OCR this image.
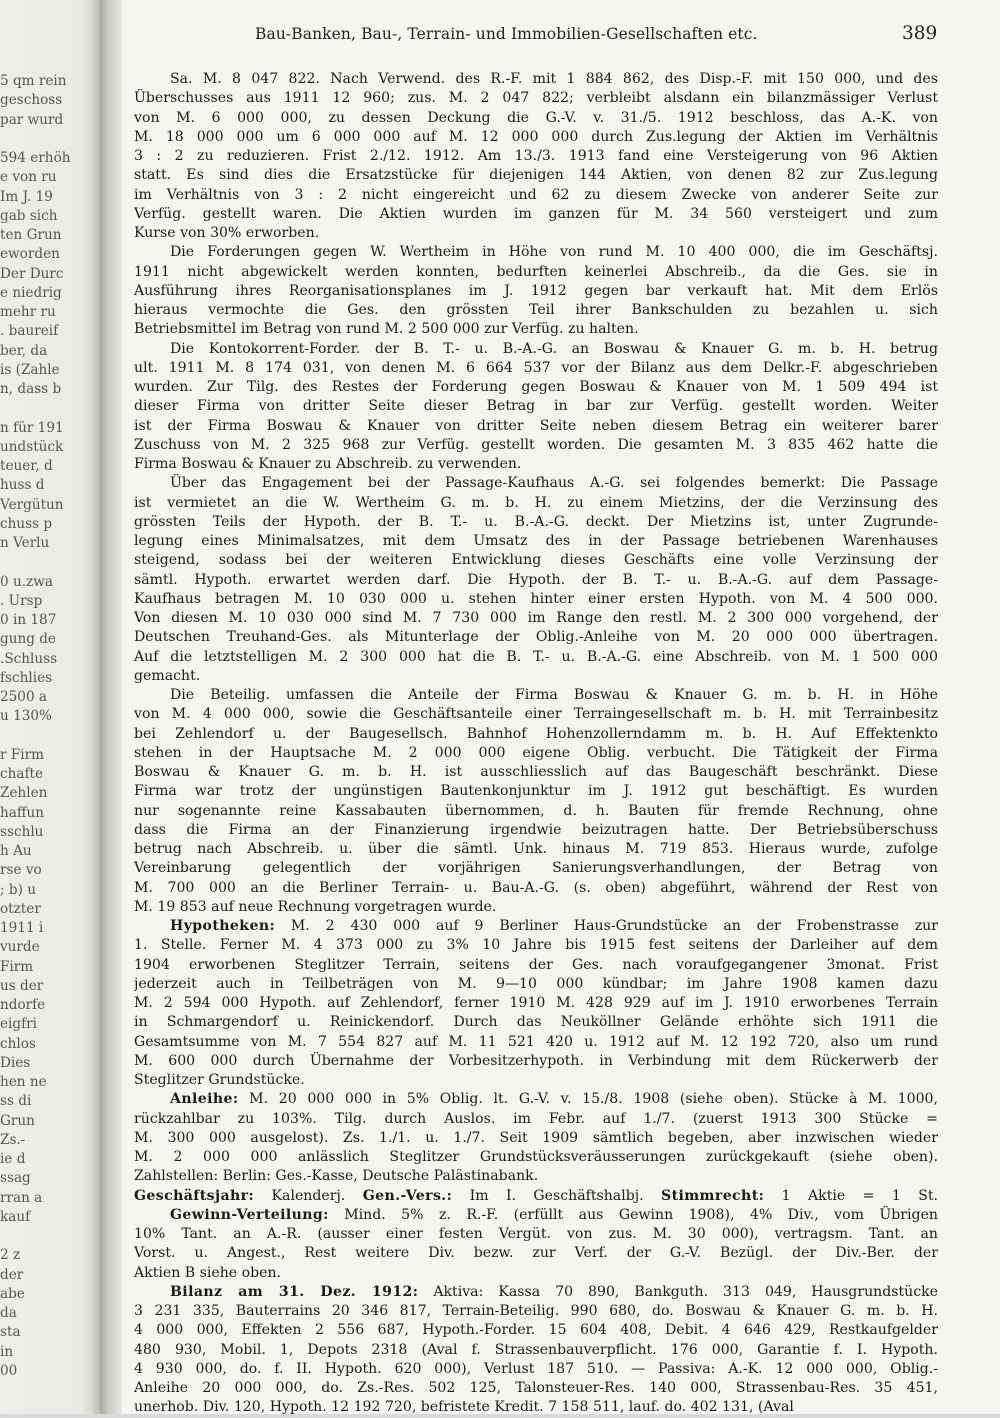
5 qm rein
geschoss
par wurd
594 erhöh
e von ru
Im J. 19
gab sich
ten Grun
eworden
Der Durc
e niedrig
mehr ru
. baureif
ber, da
is (Zahle
n, dass b
n für 191
undstück
teuer, d
huss d
Vergütun
chuss p
n Verlu
0 u.zwa
. Ursp
0 in 187
gung de
.Schluss
fschlies
2500 a
u 130%
r Firm
chafte
Zehlen
haffun
sschlu
h Au
rse vo
; b) u
otzter
1911 i
vurde
Firm
us der
ndorfe
eigfri
chlos
Dies
hen ne
ss di
Grun
Zs.-
ie d
ssag
rran a
kauf
2 z
der
abe
da
sta
in
00
Bau-Banken, Bau-, Terrain- und Immobilien-Gesellschaften etc.	389
Sa. M. 8 047 822. Nach Verwend. des R.-F. mit 1 884 862, des Disp.-F. mit 150 000, und des
Überschusses aus 1911 12 960; zus. M. 2 047 822; verbleibt alsdann ein bilanzmässiger Verlust
von M. 6 000 000, zu dessen Deckung die G.-V. v. 31./5. 1912 beschloss, das A.-K. von
M. 18 000 000 um 6 000 000 auf M. 12 000 000 durch Zus.legung der Aktien im Verhältnis
3 : 2 zu reduzieren. Frist 2./12. 1912. Am 13./3. 1913 fand eine Versteigerung von 96 Aktien
statt. Es sind dies die Ersatzstücke für diejenigen 144 Aktien, von denen 82 zur Zus.legung
im Verhältnis von 3 : 2 nicht eingereicht und 62 zu diesem Zwecke von anderer Seite zur
Verfüg. gestellt waren. Die Aktien wurden im ganzen für M. 34 560 versteigert und zum
Kurse von 30% erworben.
Die Forderungen gegen W. Wertheim in Höhe von rund M. 10 400 000, die im Geschäftsj.
1911 nicht abgewickelt werden konnten, bedurften keinerlei Abschreib., da die Ges. sie in
Ausführung ihres Reorganisationsplanes im J. 1912 gegen bar verkauft hat. Mit dem Erlös
hieraus vermochte die Ges. den grössten Teil ihrer Bankschulden zu bezahlen u. sich
Betriebsmittel im Betrag von rund M. 2 500 000 zur Verfüg. zu halten.
Die Kontokorrent-Forder. der B. T.- u. B.-A.-G. an Boswau & Knauer G. m. b. H. betrug
ult. 1911 M. 8 174 031, von denen M. 6 664 537 vor der Bilanz aus dem Delkr.-F. abgeschrieben
wurden. Zur Tilg. des Restes der Forderung gegen Boswau & Knauer von M. 1 509 494 ist
dieser Firma von dritter Seite dieser Betrag in bar zur Verfüg. gestellt worden. Weiter
ist der Firma Boswau & Knauer von dritter Seite neben diesem Betrag ein weiterer barer
Zuschuss von M. 2 325 968 zur Verfüg. gestellt worden. Die gesamten M. 3 835 462 hatte die
Firma Boswau & Knauer zu Abschreib. zu verwenden.
Über das Engagement bei der Passage-Kaufhaus A.-G. sei folgendes bemerkt: Die Passage
ist vermietet an die W. Wertheim G. m. b. H. zu einem Mietzins, der die Verzinsung des
grössten Teils der Hypoth. der B. T.- u. B.-A.-G. deckt. Der Mietzins ist, unter Zugrunde-
legung eines Minimalsatzes, mit dem Umsatz des in der Passage betriebenen Warenhauses
steigend, sodass bei der weiteren Entwicklung dieses Geschäfts eine volle Verzinsung der
sämtl. Hypoth. erwartet werden darf. Die Hypoth. der B. T.- u. B.-A.-G. auf dem Passage-
Kaufhaus betragen M. 10 030 000 u. stehen hinter einer ersten Hypoth. von M. 4 500 000.
Von diesen M. 10 030 000 sind M. 7 730 000 im Range den restl. M. 2 300 000 vorgehend, der
Deutschen Treuhand-Ges. als Mitunterlage der Oblig.-Anleihe von M. 20 000 000 übertragen.
Auf die letztstelligen M. 2 300 000 hat die B. T.- u. B.-A.-G. eine Abschreib. von M. 1 500 000
gemacht.
Die Beteilig. umfassen die Anteile der Firma Boswau & Knauer G. m. b. H. in Höhe
von M. 4 000 000, sowie die Geschäftsanteile einer Terraingesellschaft m. b. H. mit Terrainbesitz
bei Zehlendorf u. der Baugesellsch. Bahnhof Hohenzollerndamm m. b. H. Auf Effektenkto
stehen in der Hauptsache M. 2 000 000 eigene Oblig. verbucht. Die Tätigkeit der Firma
Boswau & Knauer G. m. b. H. ist ausschliesslich auf das Baugeschäft beschränkt. Diese
Firma war trotz der ungünstigen Bautenkonjunktur im J. 1912 gut beschäftigt. Es wurden
nur sogenannte reine Kassabauten übernommen, d. h. Bauten für fremde Rechnung, ohne
dass die Firma an der Finanzierung irgendwie beizutragen hatte. Der Betriebsüberschuss
betrug nach Abschreib. u. über die sämtl. Unk. hinaus M. 719 853. Hieraus wurde, zufolge
Vereinbarung gelegentlich der vorjährigen Sanierungsverhandlungen, der Betrag von
M. 700 000 an die Berliner Terrain- u. Bau-A.-G. (s. oben) abgeführt, während der Rest von
M. 19 853 auf neue Rechnung vorgetragen wurde.
Hypotheken: M. 2 430 000 auf 9 Berliner Haus-Grundstücke an der Frobenstrasse zur
1. Stelle. Ferner M. 4 373 000 zu 3% 10 Jahre bis 1915 fest seitens der Darleiher auf dem
1904 erworbenen Steglitzer Terrain, seitens der Ges. nach voraufgegangener 3monat. Frist
jederzeit auch in Teilbeträgen von M. 9—10 000 kündbar; im Jahre 1908 kamen dazu
M. 2 594 000 Hypoth. auf Zehlendorf, ferner 1910 M. 428 929 auf im J. 1910 erworbenes Terrain
in Schmargendorf u. Reinickendorf. Durch das Neuköllner Gelände erhöhte sich 1911 die
Gesamtsumme von M. 7 554 827 auf M. 11 521 420 u. 1912 auf M. 12 192 720, also um rund
M. 600 000 durch Übernahme der Vorbesitzerhypoth. in Verbindung mit dem Rückerwerb der
Steglitzer Grundstücke.
Anleihe: M. 20 000 000 in 5% Oblig. lt. G.-V. v. 15./8. 1908 (siehe oben). Stücke à M. 1000,
rückzahlbar zu 103%. Tilg. durch Auslos. im Febr. auf 1./7. (zuerst 1913 300 Stücke =
M. 300 000 ausgelost). Zs. 1./1. u. 1./7. Seit 1909 sämtlich begeben, aber inzwischen wieder
M. 2 000 000 anlässlich Steglitzer Grundstücksveräusserungen zurückgekauft (siehe oben).
Zahlstellen: Berlin: Ges.-Kasse, Deutsche Palästinabank.
Geschäftsjahr: Kalenderj. Gen.-Vers.: Im I. Geschäftshalbj. Stimmrecht: 1 Aktie = 1 St.
Gewinn-Verteilung: Mind. 5% z. R.-F. (erfüllt aus Gewinn 1908), 4% Div., vom Übrigen
10% Tant. an A.-R. (ausser einer festen Vergüt. von zus. M. 30 000), vertragsm. Tant. an
Vorst. u. Angest., Rest weitere Div. bezw. zur Verf. der G.-V. Bezügl. der Div.-Ber. der
Aktien B siehe oben.
Bilanz am 31. Dez. 1912: Aktiva: Kassa 70 890, Bankguth. 313 049, Hausgrundstücke
3 231 335, Bauterrains 20 346 817, Terrain-Beteilig. 990 680, do. Boswau & Knauer G. m. b. H.
4 000 000, Effekten 2 556 687, Hypoth.-Forder. 15 604 408, Debit. 4 646 429, Restkaufgelder
480 930, Mobil. 1, Depots 2318 (Aval f. Strassenbauverpflicht. 176 000, Garantie f. I. Hypoth.
4 930 000, do. f. II. Hypoth. 620 000), Verlust 187 510. — Passiva: A.-K. 12 000 000, Oblig.-
Anleihe 20 000 000, do. Zs.-Res. 502 125, Talonsteuer-Res. 140 000, Strassenbau-Res. 35 451,
unerhob. Div. 120, Hypoth. 12 192 720, befristete Kredit. 7 158 511, lauf. do. 402 131, (Aval
